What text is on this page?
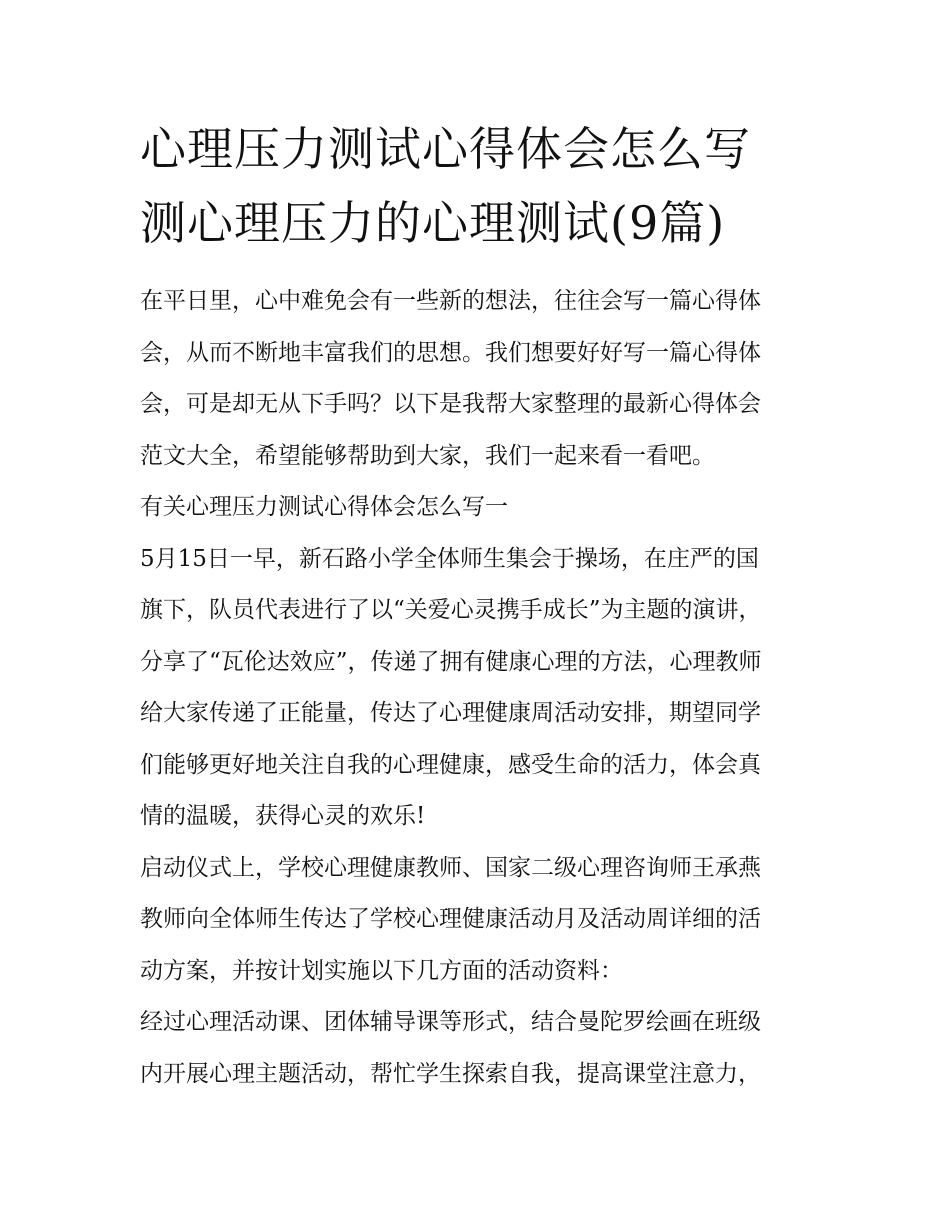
心理压力测试心得体会怎么写
测心理压力的心理测试(9篇)
在平日里，心中难免会有一些新的想法，往往会写一篇心得体
会，从而不断地丰富我们的思想。我们想要好好写一篇心得体
会，可是却无从下手吗？以下是我帮大家整理的最新心得体会
范文大全，希望能够帮助到大家，我们一起来看一看吧。
有关心理压力测试心得体会怎么写一
5月15日一早，新石路小学全体师生集会于操场，在庄严的国
旗下，队员代表进行了以“关爱心灵携手成长”为主题的演讲，
分享了“瓦伦达效应”，传递了拥有健康心理的方法，心理教师
给大家传递了正能量，传达了心理健康周活动安排，期望同学
们能够更好地关注自我的心理健康，感受生命的活力，体会真
情的温暖，获得心灵的欢乐!
启动仪式上，学校心理健康教师、国家二级心理咨询师王承燕
教师向全体师生传达了学校心理健康活动月及活动周详细的活
动方案，并按计划实施以下几方面的活动资料：
经过心理活动课、团体辅导课等形式，结合曼陀罗绘画在班级
内开展心理主题活动，帮忙学生探索自我，提高课堂注意力，
